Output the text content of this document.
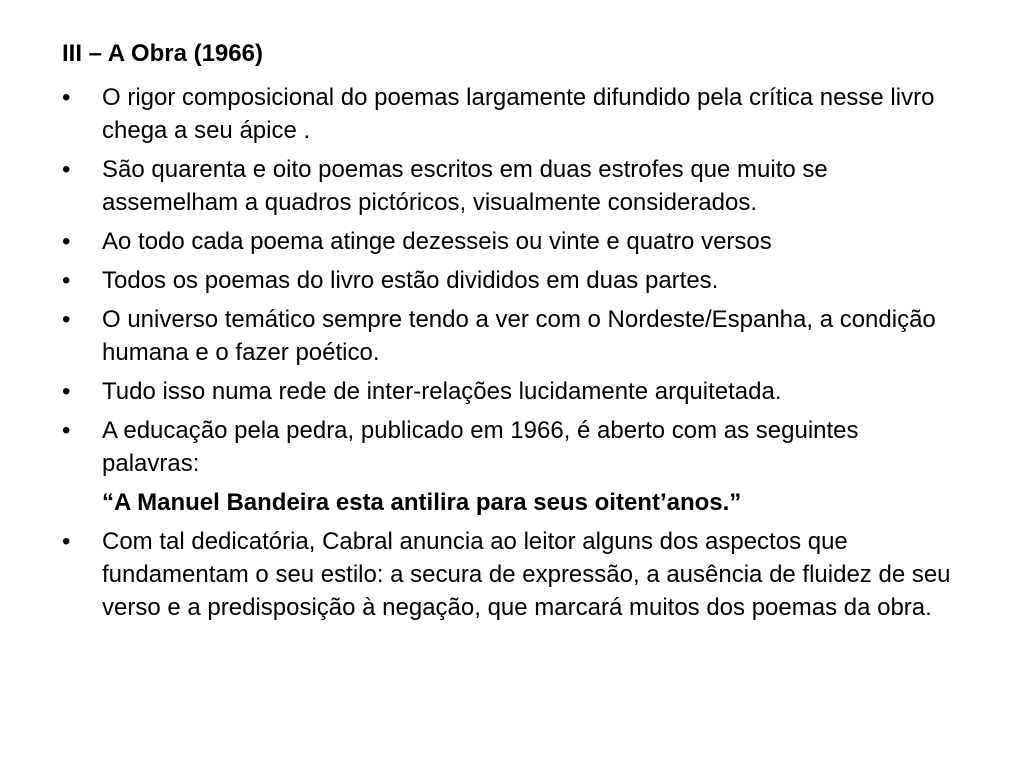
III – A Obra (1966)
•	O rigor composicional do poemas largamente difundido pela crítica nesse livro chega a seu ápice .
•	São quarenta e oito poemas escritos em duas estrofes que muito se assemelham a quadros pictóricos, visualmente considerados.
•	Ao todo cada poema atinge dezesseis ou vinte e quatro versos
•	Todos os poemas do livro estão divididos em duas partes.
•	O universo temático sempre tendo a ver com o Nordeste/Espanha, a condição humana e o fazer poético.
•	Tudo isso numa rede de inter-relações lucidamente arquitetada.
•	A educação pela pedra, publicado em 1966, é aberto com as seguintes palavras:
“A Manuel Bandeira esta antilira para seus oitent’anos.”
•	Com tal dedicatória, Cabral anuncia ao leitor alguns dos aspectos que fundamentam o seu estilo: a secura de expressão, a ausência de fluidez de seu verso e a predisposição à negação, que marcará muitos dos poemas da obra.
